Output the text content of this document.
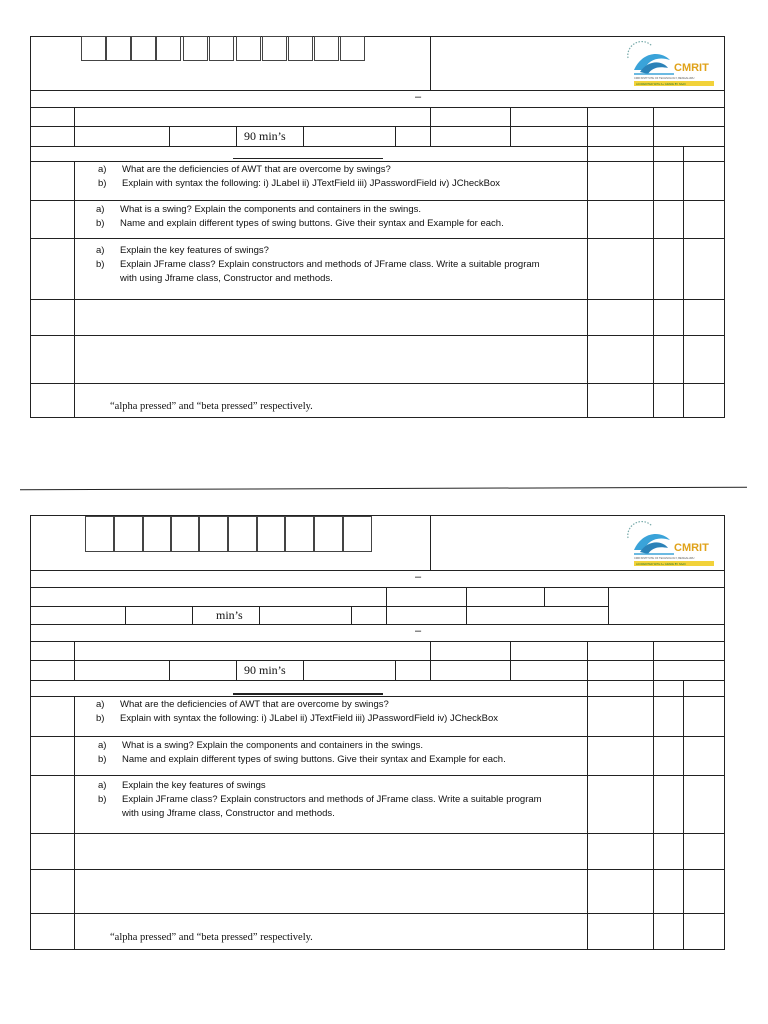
–
90 min’s
CMRIT
CMR INSTITUTE OF TECHNOLOGY, BENGALURU
ACCREDITED WITH A+ GRADE BY NAAC
a)	What are the deficiencies of AWT that are overcome by swings?
b)	Explain with syntax the following: i) JLabel ii) JTextField iii) JPasswordField iv) JCheckBox
a)	What is a swing? Explain the components and containers in the swings.
b)	Name and explain different types of swing buttons. Give their syntax and Example for each.
a)	Explain the key features of swings?
b)	Explain JFrame class? Explain constructors and methods of JFrame class. Write a suitable program
with using Jframe class, Constructor and methods.
“alpha pressed” and “beta pressed” respectively.
–
min’s
–
90 min’s
CMRIT
CMR INSTITUTE OF TECHNOLOGY, BENGALURU
ACCREDITED WITH A+ GRADE BY NAAC
a)	What are the deficiencies of AWT that are overcome by swings?
b)	Explain with syntax the following: i) JLabel ii) JTextField iii) JPasswordField iv) JCheckBox
a)	What is a swing? Explain the components and containers in the swings.
b)	Name and explain different types of swing buttons. Give their syntax and Example for each.
a)	Explain the key features of swings
b)	Explain JFrame class? Explain constructors and methods of JFrame class. Write a suitable program
with using Jframe class, Constructor and methods.
“alpha pressed” and “beta pressed” respectively.
